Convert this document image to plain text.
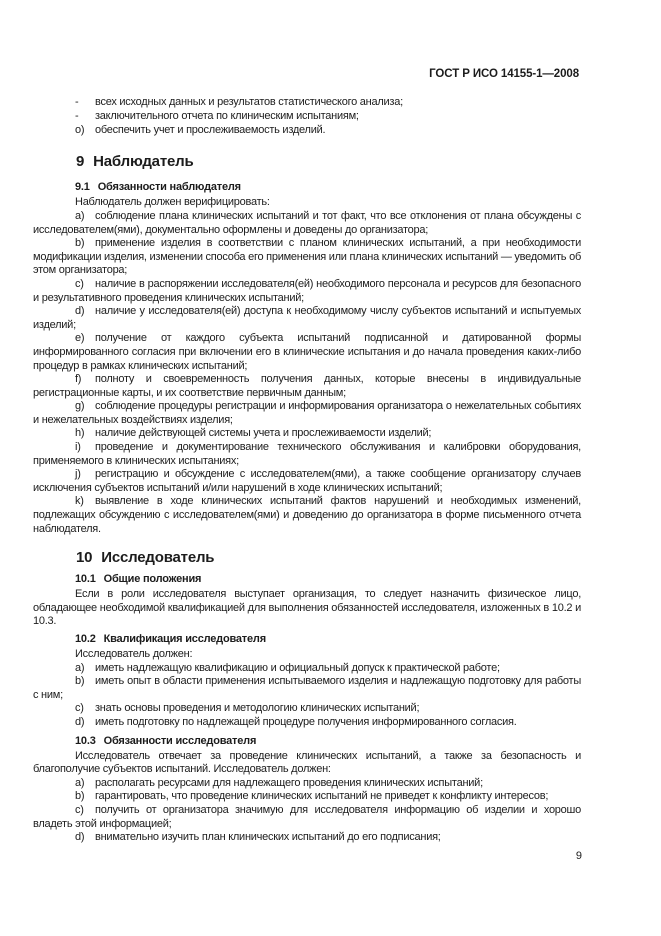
ГОСТ Р ИСО 14155-1—2008

- всех исходных данных и результатов статистического анализа;

- заключительного отчета по клиническим испытаниям;

o) обеспечить учет и прослеживаемость изделий.

9 Наблюдатель
9.1 Обязанности наблюдателя

Наблюдатель должен верифицировать:

a) соблюдение плана клинических испытаний и тот факт, что все отклонения от плана обсуждены с исследователем(ями), документально оформлены и доведены до организатора;

b) применение изделия в соответствии с планом клинических испытаний, а при необходимости модификации изделия, изменении способа его применения или плана клинических испытаний — уведомить об этом организатора;

c) наличие в распоряжении исследователя(ей) необходимого персонала и ресурсов для безопасного и результативного проведения клинических испытаний;

d) наличие у исследователя(ей) доступа к необходимому числу субъектов испытаний и испытуемых изделий;

e) получение от каждого субъекта испытаний подписанной и датированной формы информированного согласия при включении его в клинические испытания и до начала проведения каких-либо процедур в рамках клинических испытаний;

f) полноту и своевременность получения данных, которые внесены в индивидуальные регистрационные карты, и их соответствие первичным данным;

g) соблюдение процедуры регистрации и информирования организатора о нежелательных событиях и нежелательных воздействиях изделия;

h) наличие действующей системы учета и прослеживаемости изделий;

i) проведение и документирование технического обслуживания и калибровки оборудования, применяемого в клинических испытаниях;

j) регистрацию и обсуждение с исследователем(ями), а также сообщение организатору случаев исключения субъектов испытаний и/или нарушений в ходе клинических испытаний;

k) выявление в ходе клинических испытаний фактов нарушений и необходимых изменений, подлежащих обсуждению с исследователем(ями) и доведению до организатора в форме письменного отчета наблюдателя.

10 Исследователь
10.1 Общие положения

Если в роли исследователя выступает организация, то следует назначить физическое лицо, обладающее необходимой квалификацией для выполнения обязанностей исследователя, изложенных в 10.2 и 10.3.

10.2 Квалификация исследователя

Исследователь должен:

a) иметь надлежащую квалификацию и официальный допуск к практической работе;

b) иметь опыт в области применения испытываемого изделия и надлежащую подготовку для работы с ним;

c) знать основы проведения и методологию клинических испытаний;

d) иметь подготовку по надлежащей процедуре получения информированного согласия.

10.3 Обязанности исследователя

Исследователь отвечает за проведение клинических испытаний, а также за безопасность и благополучие субъектов испытаний. Исследователь должен:

a) располагать ресурсами для надлежащего проведения клинических испытаний;

b) гарантировать, что проведение клинических испытаний не приведет к конфликту интересов;

c) получить от организатора значимую для исследователя информацию об изделии и хорошо владеть этой информацией;

d) внимательно изучить план клинических испытаний до его подписания;

9
